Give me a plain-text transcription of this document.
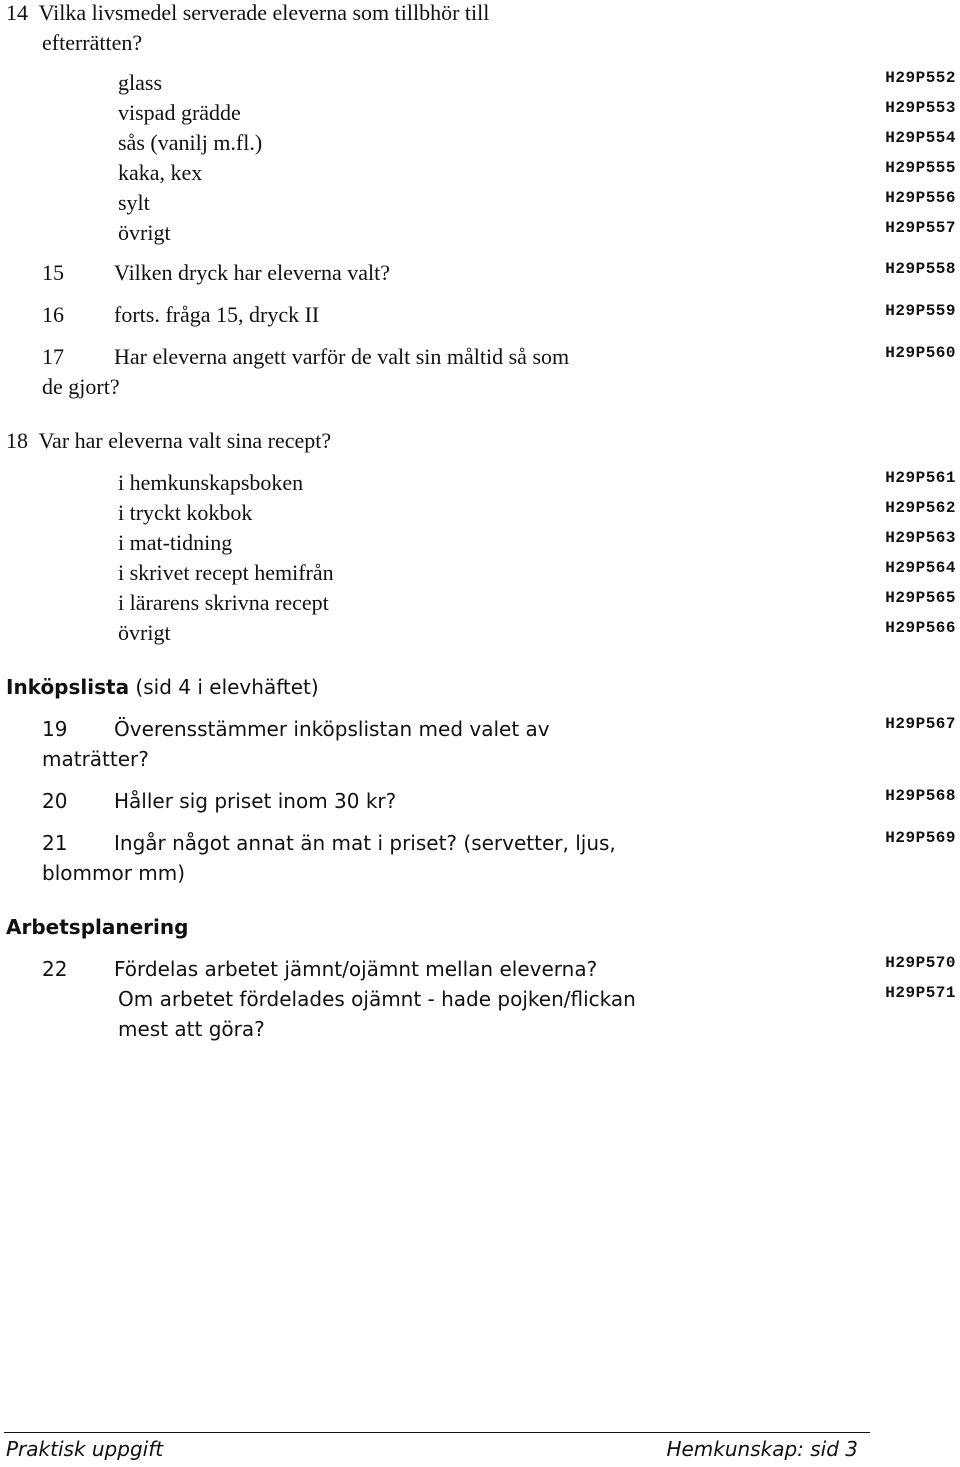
14 Vilka livsmedel serverade eleverna som tillbhör till
efterrätten?
glass	H29P552
vispad grädde	H29P553
sås (vanilj m.fl.)	H29P554
kaka, kex	H29P555
sylt	H29P556
övrigt	H29P557
15 Vilken dryck har eleverna valt?	H29P558
16 forts. fråga 15, dryck II	H29P559
17 Har eleverna angett varför de valt sin måltid så som
de gjort?
H29P560
18 Var har eleverna valt sina recept?
i hemkunskapsboken	H29P561
i tryckt kokbok	H29P562
i mat-tidning	H29P563
i skrivet recept hemifrån	H29P564
i lärarens skrivna recept	H29P565
övrigt	H29P566
Inköpslista (sid 4 i elevhäftet)
19 Överensstämmer inköpslistan med valet av
maträtter?
H29P567
20 Håller sig priset inom 30 kr?	H29P568
21 Ingår något annat än mat i priset? (servetter, ljus,
blommor mm)
H29P569
Arbetsplanering
22 Fördelas arbetet jämnt/ojämnt mellan eleverna?	H29P570
Om arbetet fördelades ojämnt - hade pojken/flickan
mest att göra?
H29P571
Praktisk uppgift	Hemkunskap: sid 3
